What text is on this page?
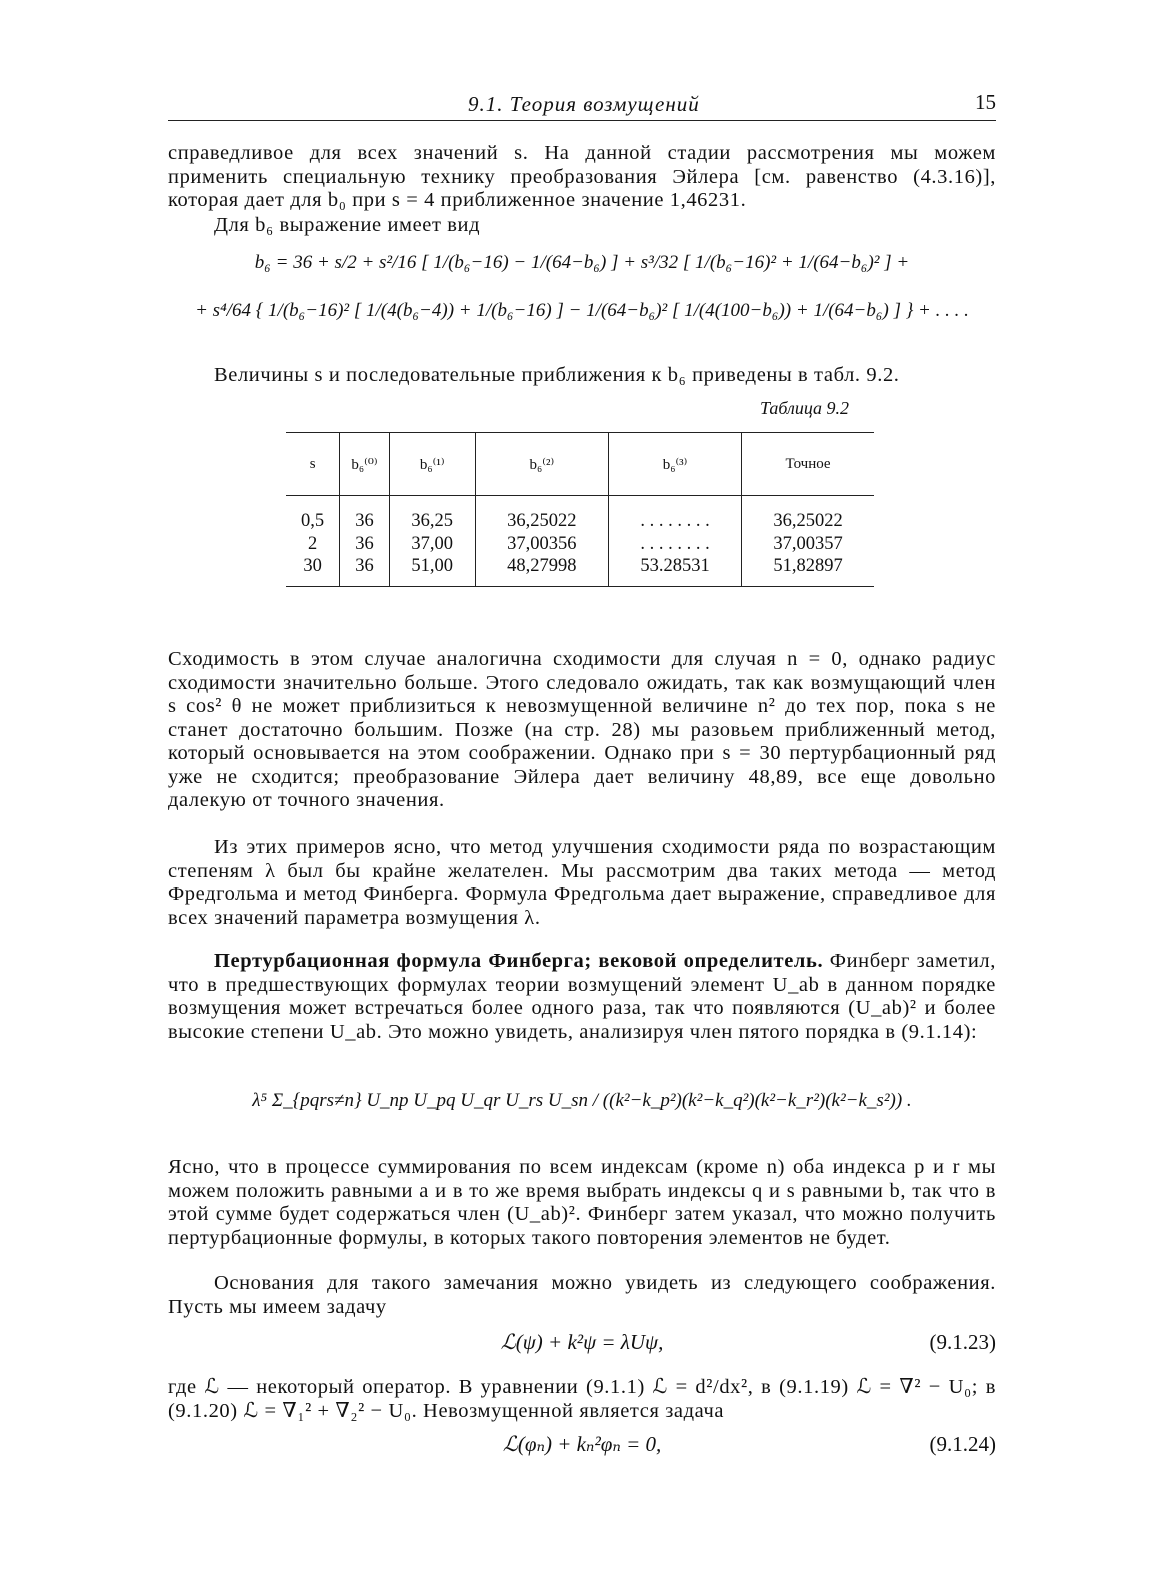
9.1. Теория возмущений	15
справедливое для всех значений s. На данной стадии рассмотрения мы можем применить специальную технику преобразования Эйлера [см. равенство (4.3.16)], которая дает для b₀ при s = 4 приближенное значение 1,46231.
Для b₆ выражение имеет вид
b₆ = 36 + s/2 + s²/16 [ 1/(b₆−16) − 1/(64−b₆) ] + s³/32 [ 1/(b₆−16)² + 1/(64−b₆)² ] +
+ s⁴/64 { 1/(b₆−16)² [ 1/(4(b₆−4)) + 1/(b₆−16) ] − 1/(64−b₆)² [ 1/(4(100−b₆)) + 1/(64−b₆) ] } + . . . .
Величины s и последовательные приближения к b₆ приведены в табл. 9.2.
Таблица 9.2
s	b₆⁽⁰⁾	b₆⁽¹⁾	b₆⁽²⁾	b₆⁽³⁾	Точное

0,5	36	36,25	36,25022	. . . . . . . .	36,25022
2	36	37,00	37,00356	. . . . . . . .	37,00357
30	36	51,00	48,27998	53.28531	51,82897
Сходимость в этом случае аналогична сходимости для случая n = 0, однако радиус сходимости значительно больше. Этого следовало ожидать, так как возмущающий член s cos² θ не может приблизиться к невозмущенной величине n² до тех пор, пока s не станет достаточно большим. Позже (на стр. 28) мы разовьем приближенный метод, который основывается на этом соображении. Однако при s = 30 пертурбационный ряд уже не сходится; преобразование Эйлера дает величину 48,89, все еще довольно далекую от точного значения.
Из этих примеров ясно, что метод улучшения сходимости ряда по возрастающим степеням λ был бы крайне желателен. Мы рассмотрим два таких метода — метод Фредгольма и метод Финберга. Формула Фредгольма дает выражение, справедливое для всех значений параметра возмущения λ.
Пертурбационная формула Финберга; вековой определитель. Финберг заметил, что в предшествующих формулах теории возмущений элемент U_ab в данном порядке возмущения может встречаться более одного раза, так что появляются (U_ab)² и более высокие степени U_ab. Это можно увидеть, анализируя член пятого порядка в (9.1.14):
λ⁵ Σ_{pqrs≠n} U_np U_pq U_qr U_rs U_sn / ((k²−k_p²)(k²−k_q²)(k²−k_r²)(k²−k_s²)) .
Ясно, что в процессе суммирования по всем индексам (кроме n) оба индекса p и r мы можем положить равными a и в то же время выбрать индексы q и s равными b, так что в этой сумме будет содержаться член (U_ab)². Финберг затем указал, что можно получить пертурбационные формулы, в которых такого повторения элементов не будет.
Основания для такого замечания можно увидеть из следующего соображения. Пусть мы имеем задачу
ℒ(ψ) + k²ψ = λUψ,	(9.1.23)
где ℒ — некоторый оператор. В уравнении (9.1.1) ℒ = d²/dx², в (9.1.19) ℒ = ∇² − U₀; в (9.1.20) ℒ = ∇₁² + ∇₂² − U₀. Невозмущенной является задача
ℒ(φₙ) + kₙ²φₙ = 0,	(9.1.24)
